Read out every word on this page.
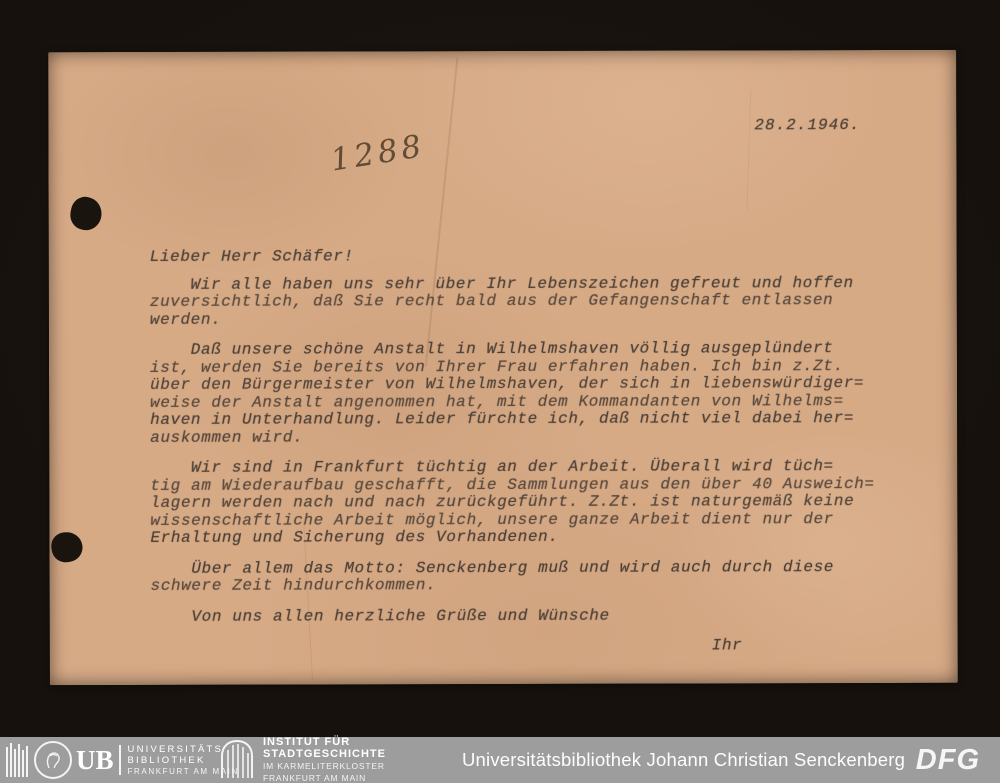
1288
28.2.1946.
Lieber Herr Schäfer!
Wir alle haben uns sehr über Ihr Lebenszeichen gefreut und hoffen
zuversichtlich, daß Sie recht bald aus der Gefangenschaft entlassen
werden.
Daß unsere schöne Anstalt in Wilhelmshaven völlig ausgeplündert
ist, werden Sie bereits von Ihrer Frau erfahren haben. Ich bin z.Zt.
über den Bürgermeister von Wilhelmshaven, der sich in liebenswürdiger=
weise der Anstalt angenommen hat, mit dem Kommandanten von Wilhelms=
haven in Unterhandlung. Leider fürchte ich, daß nicht viel dabei her=
auskommen wird.
Wir sind in Frankfurt tüchtig an der Arbeit. Überall wird tüch=
tig am Wiederaufbau geschafft, die Sammlungen aus den über 40 Ausweich=
lagern werden nach und nach zurückgeführt. Z.Zt. ist naturgemäß keine
wissenschaftliche Arbeit möglich, unsere ganze Arbeit dient nur der
Erhaltung und Sicherung des Vorhandenen.
Über allem das Motto: Senckenberg muß und wird auch durch diese
schwere Zeit hindurchkommen.
Von uns allen herzliche Grüße und Wünsche
Ihr
UB UNIVERSITÄTS
BIBLIOTHEK
FRANKFURT AM MAIN
INSTITUT FÜR
STADTGESCHICHTE
IM KARMELITERKLOSTER
FRANKFURT AM MAIN
Universitätsbibliothek Johann Christian Senckenberg DFG
